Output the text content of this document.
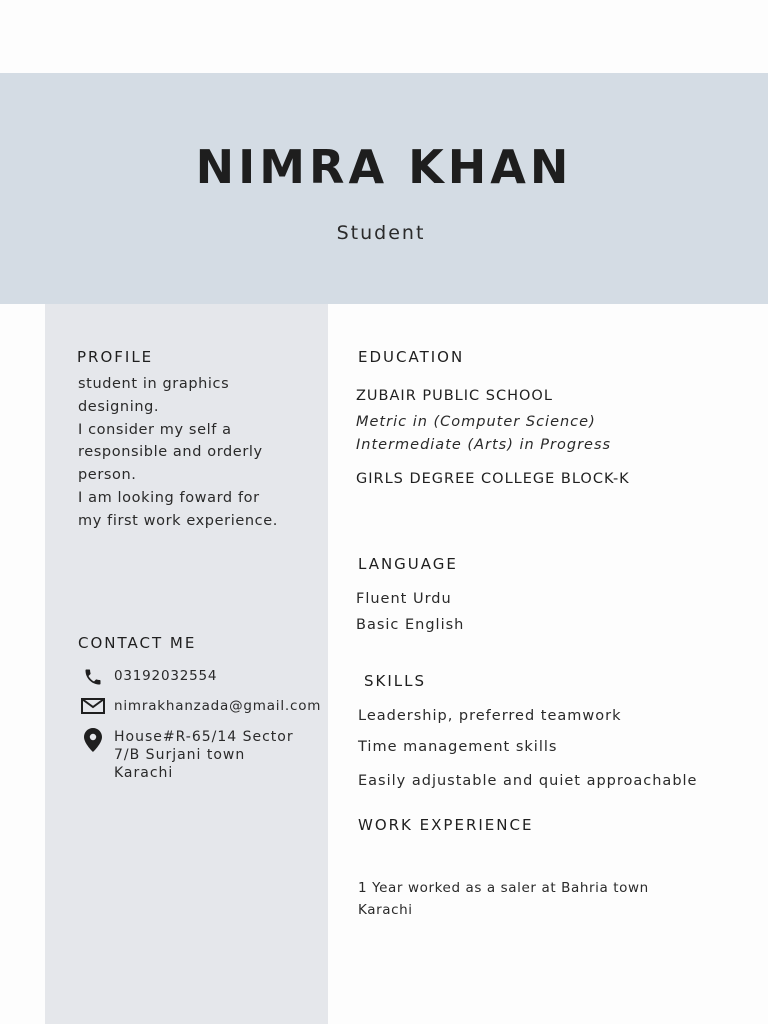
NIMRA KHAN
Student
PROFILE
student in graphics
designing.
I consider my self a
responsible and orderly
person.
I am looking foward for
my first work experience.
CONTACT ME
03192032554
nimrakhanzada@gmail.com
House#R-65/14 Sector
7/B Surjani town
Karachi
EDUCATION
ZUBAIR PUBLIC SCHOOL
Metric in (Computer Science)
Intermediate (Arts) in Progress
GIRLS DEGREE COLLEGE BLOCK-K
LANGUAGE
Fluent Urdu
Basic English
SKILLS
Leadership, preferred teamwork
Time management skills
Easily adjustable and quiet approachable
WORK EXPERIENCE
1 Year worked as a saler at Bahria town
Karachi
